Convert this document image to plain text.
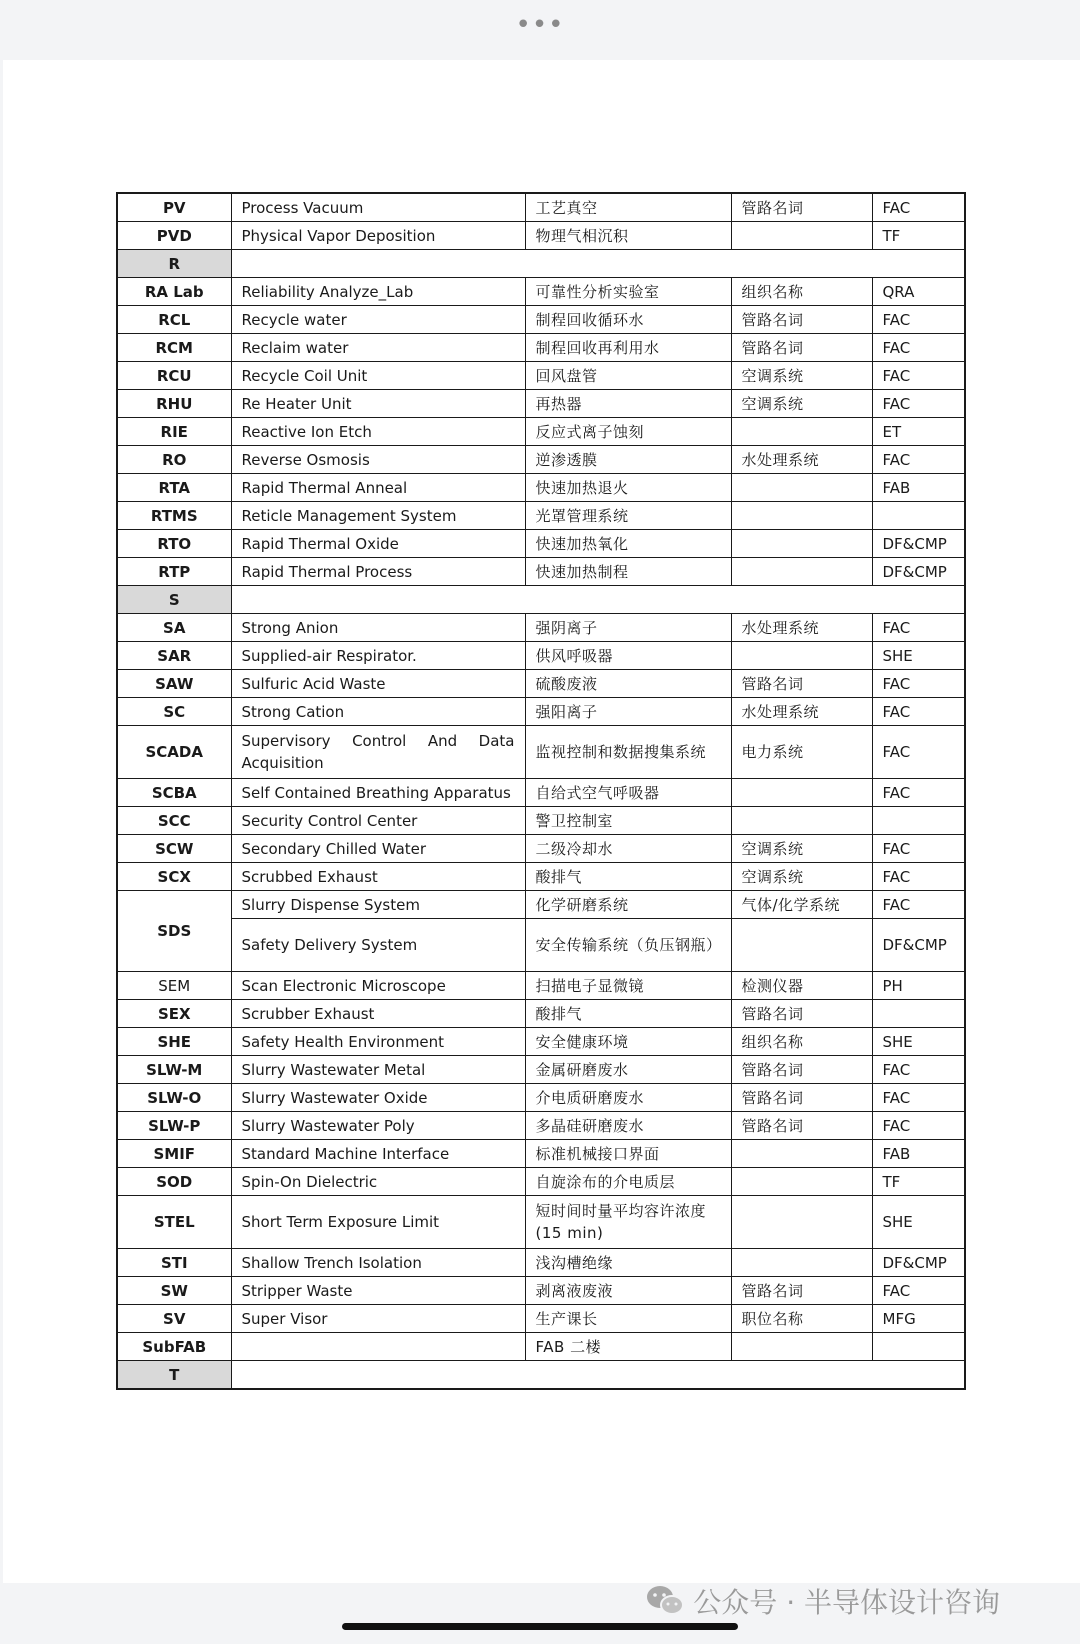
•••
PV	Process Vacuum	工艺真空	管路名词	FAC
PVD	Physical Vapor Deposition	物理气相沉积		TF
R				
RA Lab	Reliability Analyze_Lab	可靠性分析实验室	组织名称	QRA
RCL	Recycle water	制程回收循环水	管路名词	FAC
RCM	Reclaim water	制程回收再利用水	管路名词	FAC
RCU	Recycle Coil Unit	回风盘管	空调系统	FAC
RHU	Re Heater Unit	再热器	空调系统	FAC
RIE	Reactive Ion Etch	反应式离子蚀刻		ET
RO	Reverse Osmosis	逆渗透膜	水处理系统	FAC
RTA	Rapid Thermal Anneal	快速加热退火		FAB
RTMS	Reticle Management System	光罩管理系统		
RTO	Rapid Thermal Oxide	快速加热氧化		DF&CMP
RTP	Rapid Thermal Process	快速加热制程		DF&CMP
S				
SA	Strong Anion	强阴离子	水处理系统	FAC
SAR	Supplied-air Respirator.	供风呼吸器		SHE
SAW	Sulfuric Acid Waste	硫酸废液	管路名词	FAC
SC	Strong Cation	强阳离子	水处理系统	FAC
SCADA	Supervisory Control And Data Acquisition	监视控制和数据搜集系统	电力系统	FAC
SCBA	Self Contained Breathing Apparatus	自给式空气呼吸器		FAC
SCC	Security Control Center	警卫控制室		
SCW	Secondary Chilled Water	二级冷却水	空调系统	FAC
SCX	Scrubbed Exhaust	酸排气	空调系统	FAC
SDS	Slurry Dispense System	化学研磨系统	气体/化学系统	FAC
	Safety Delivery System	安全传输系统（负压钢瓶）		DF&CMP
SEM	Scan Electronic Microscope	扫描电子显微镜	检测仪器	PH
SEX	Scrubber Exhaust	酸排气	管路名词	
SHE	Safety Health Environment	安全健康环境	组织名称	SHE
SLW-M	Slurry Wastewater Metal	金属研磨废水	管路名词	FAC
SLW-O	Slurry Wastewater Oxide	介电质研磨废水	管路名词	FAC
SLW-P	Slurry Wastewater Poly	多晶硅研磨废水	管路名词	FAC
SMIF	Standard Machine Interface	标准机械接口界面		FAB
SOD	Spin-On Dielectric	自旋涂布的介电质层		TF
STEL	Short Term Exposure Limit	短时间时量平均容许浓度(15 min)		SHE
STI	Shallow Trench Isolation	浅沟槽绝缘		DF&CMP
SW	Stripper Waste	剥离液废液	管路名词	FAC
SV	Super Visor	生产课长	职位名称	MFG
SubFAB		FAB 二楼		
T				
公众号 · 半导体设计咨询
